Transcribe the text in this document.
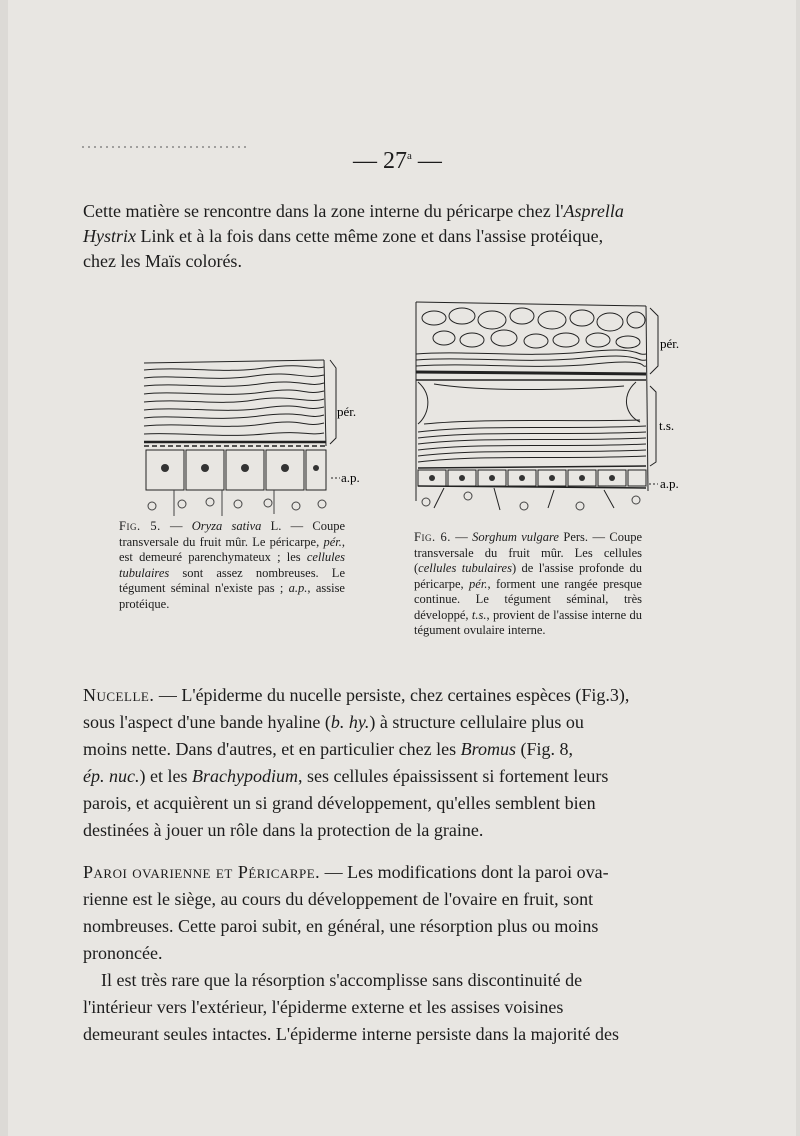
— 27$^a$ —

Cette matière se rencontre dans la zone interne du péricarpe chez l'Asprella

Hystrix Link et à la fois dans cette même zone et dans l'assise protéique,

chez les Maïs colorés.

pér.
a.p.

Fig. 5. — Oryza sativa L. — Coupe transversale du fruit mûr. Le péricarpe, pér., est demeuré parenchymateux ; les cellules tubulaires sont assez nombreuses. Le tégument séminal n'existe pas ; a.p., assise protéique.

pér.
t.s.
a.p.

Fig. 6. — Sorghum vulgare Pers. — Coupe transversale du fruit mûr. Les cellules (cellules tubulaires) de l'assise profonde du péricarpe, pér., forment une rangée presque continue. Le tégument séminal, très développé, t.s., provient de l'assise interne du tégument ovulaire interne.

Nucelle. — L'épiderme du nucelle persiste, chez certaines espèces (Fig.3),

sous l'aspect d'une bande hyaline (b. hy.) à structure cellulaire plus ou

moins nette. Dans d'autres, et en particulier chez les Bromus (Fig. 8,

ép. nuc.) et les Brachypodium, ses cellules épaississent si fortement leurs

parois, et acquièrent un si grand développement, qu'elles semblent bien

destinées à jouer un rôle dans la protection de la graine.

Paroi ovarienne et Péricarpe. — Les modifications dont la paroi ova-

rienne est le siège, au cours du développement de l'ovaire en fruit, sont

nombreuses. Cette paroi subit, en général, une résorption plus ou moins

prononcée.

Il est très rare que la résorption s'accomplisse sans discontinuité de

l'intérieur vers l'extérieur, l'épiderme externe et les assises voisines

demeurant seules intactes. L'épiderme interne persiste dans la majorité des
